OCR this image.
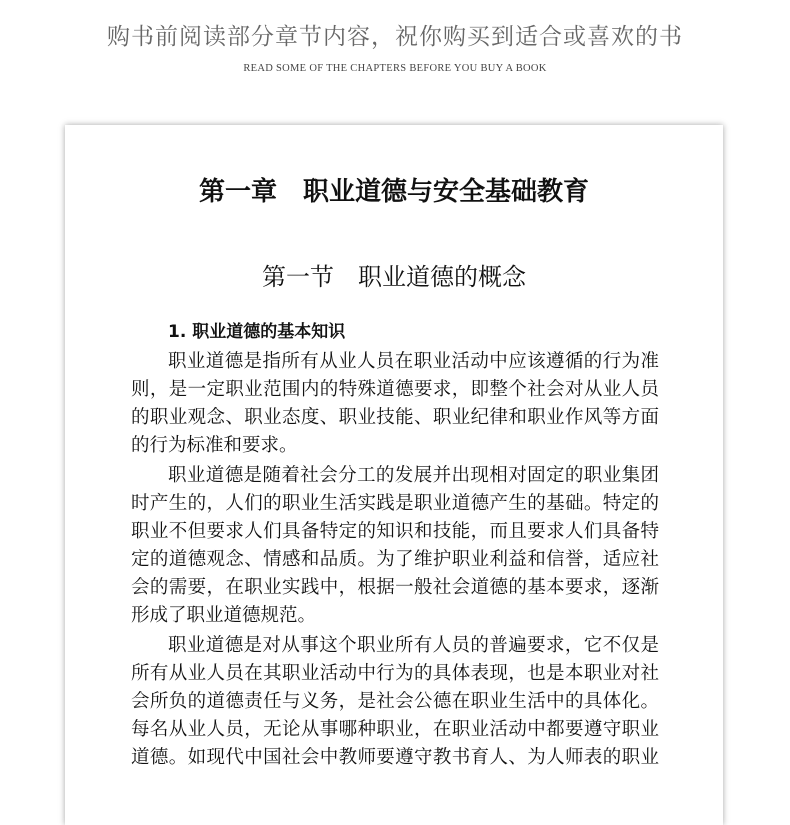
购书前阅读部分章节内容，祝你购买到适合或喜欢的书
READ SOME OF THE CHAPTERS BEFORE YOU BUY A BOOK
第一章　职业道德与安全基础教育
第一节　职业道德的概念
1. 职业道德的基本知识
职业道德是指所有从业人员在职业活动中应该遵循的行为准
则，是一定职业范围内的特殊道德要求，即整个社会对从业人员
的职业观念、职业态度、职业技能、职业纪律和职业作风等方面
的行为标准和要求。
职业道德是随着社会分工的发展并出现相对固定的职业集团
时产生的，人们的职业生活实践是职业道德产生的基础。特定的
职业不但要求人们具备特定的知识和技能，而且要求人们具备特
定的道德观念、情感和品质。为了维护职业利益和信誉，适应社
会的需要，在职业实践中，根据一般社会道德的基本要求，逐渐
形成了职业道德规范。
职业道德是对从事这个职业所有人员的普遍要求，它不仅是
所有从业人员在其职业活动中行为的具体表现，也是本职业对社
会所负的道德责任与义务，是社会公德在职业生活中的具体化。
每名从业人员，无论从事哪种职业，在职业活动中都要遵守职业
道德。如现代中国社会中教师要遵守教书育人、为人师表的职业
